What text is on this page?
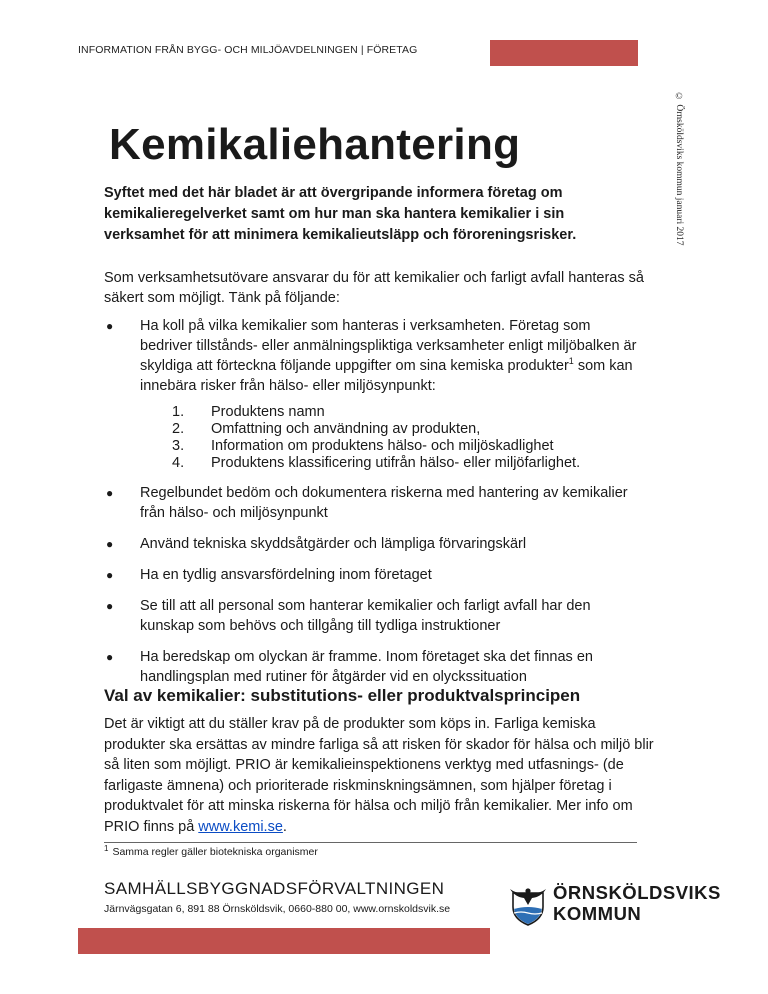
INFORMATION FRÅN BYGG- OCH MILJÖAVDELNINGEN | FÖRETAG
© Örnsköldsviks kommun januari 2017
Kemikaliehantering

Syftet med det här bladet är att övergripande informera företag om kemikalieregelverket samt om hur man ska hantera kemikalier i sin verksamhet för att minimera kemikalieutsläpp och föroreningsrisker.

Som verksamhetsutövare ansvarar du för att kemikalier och farligt avfall hanteras så säkert som möjligt. Tänk på följande:

● Ha koll på vilka kemikalier som hanteras i verksamheten. Företag som bedriver tillstånds- eller anmälningspliktiga verksamheter enligt miljöbalken är skyldiga att förteckna följande uppgifter om sina kemiska produkter$^1$ som kan innebära risker från hälso- eller miljösynpunkt:
1.	Produktens namn
2.	Omfattning och användning av produkten,
3.	Information om produktens hälso- och miljöskadlighet
4.	Produktens klassificering utifrån hälso- eller miljöfarlighet.
● Regelbundet bedöm och dokumentera riskerna med hantering av kemikalier från hälso- och miljösynpunkt
● Använd tekniska skyddsåtgärder och lämpliga förvaringskärl
● Ha en tydlig ansvarsfördelning inom företaget
● Se till att all personal som hanterar kemikalier och farligt avfall har den kunskap som behövs och tillgång till tydliga instruktioner
● Ha beredskap om olyckan är framme. Inom företaget ska det finnas en handlingsplan med rutiner för åtgärder vid en olyckssituation
Val av kemikalier: substitutions- eller produktvalsprincipen

Det är viktigt att du ställer krav på de produkter som köps in. Farliga kemiska produkter ska ersättas av mindre farliga så att risken för skador för hälsa och miljö blir så liten som möjligt. PRIO är kemikalieinspektionens verktyg med utfasnings- (de farligaste ämnena) och prioriterade riskminskningsämnen, som hjälper företag i produktvalet för att minska riskerna för hälsa och miljö från kemikalier. Mer info om PRIO finns på www.kemi.se.

$^1$ Samma regler gäller biotekniska organismer
SAMHÄLLSBYGGNADSFÖRVALTNINGEN
Järnvägsgatan 6, 891 88 Örnsköldsvik, 0660-880 00, www.ornskoldsvik.se
ÖRNSKÖLDSVIKS
KOMMUN
